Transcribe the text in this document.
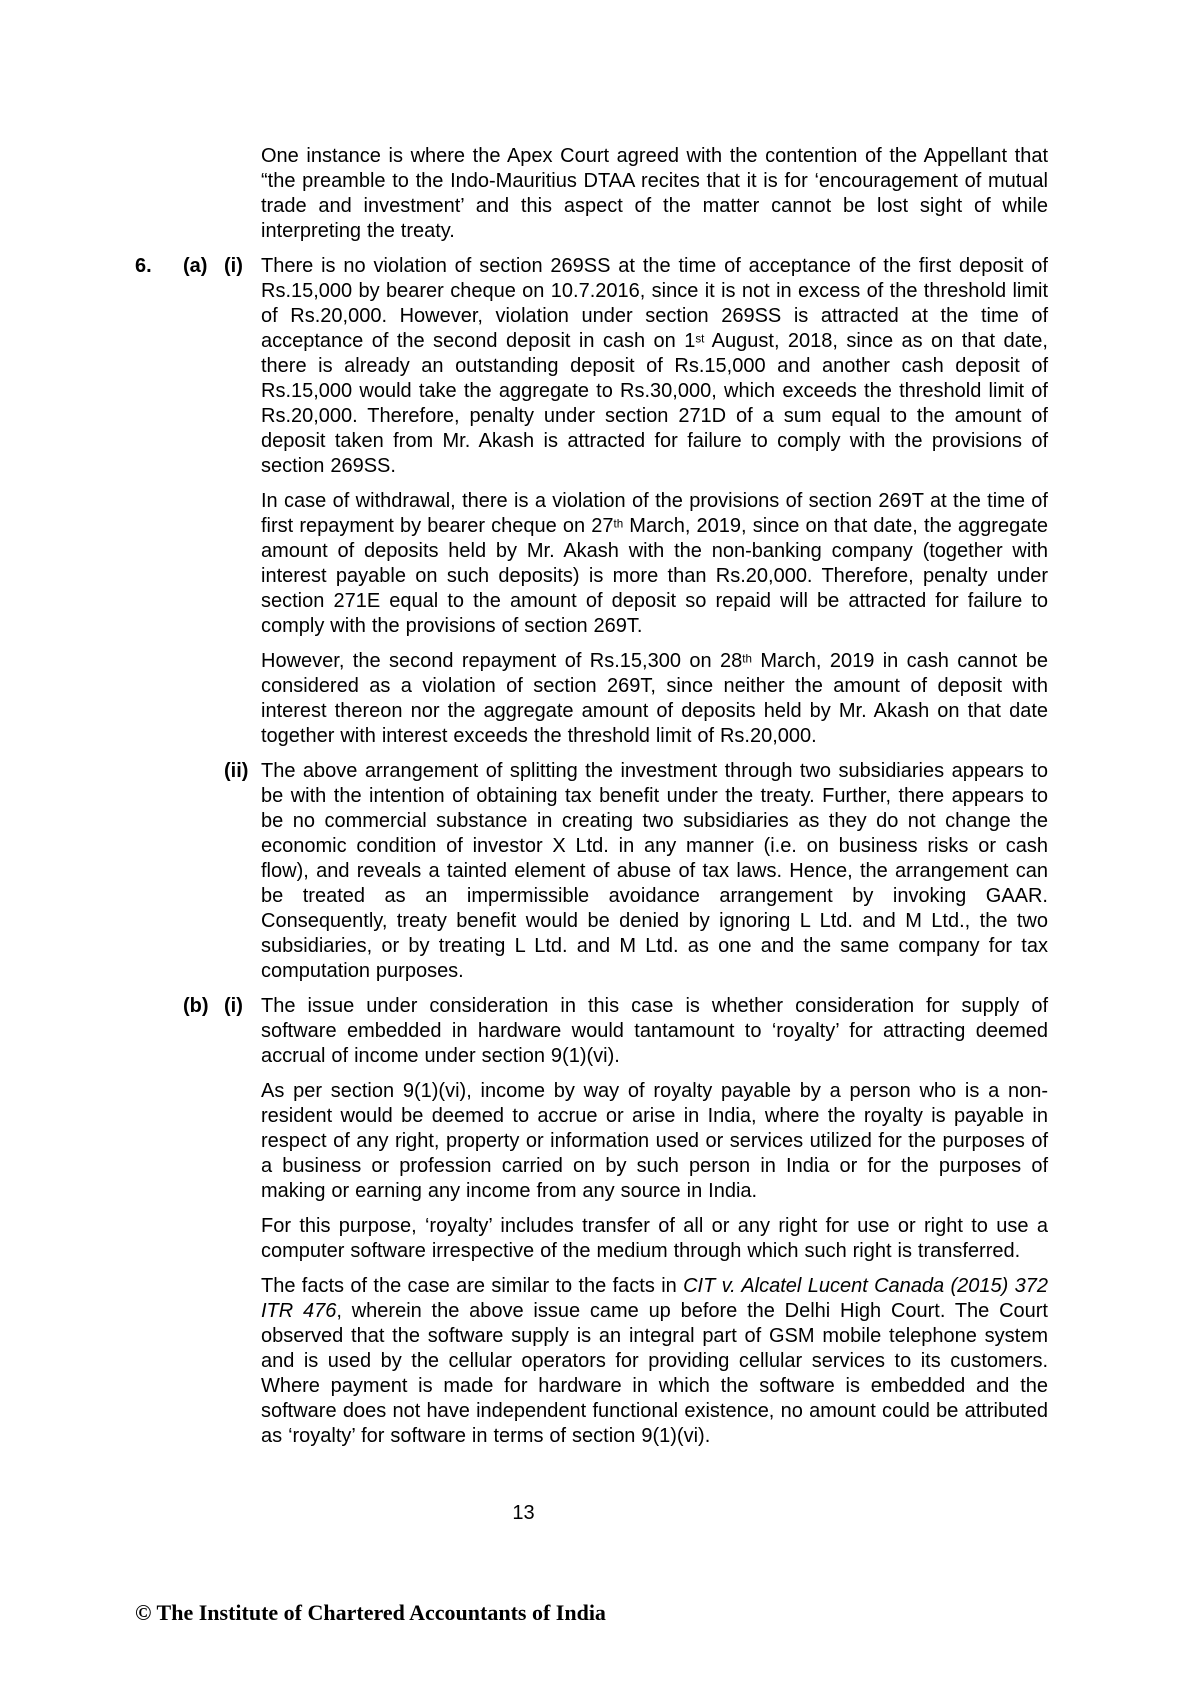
One instance is where the Apex Court agreed with the contention of the Appellant that “the preamble to the Indo-Mauritius DTAA recites that it is for ‘encouragement of mutual trade and investment’ and this aspect of the matter cannot be lost sight of while interpreting the treaty.

6.	(a) (i) There is no violation of section 269SS at the time of acceptance of the first deposit of Rs.15,000 by bearer cheque on 10.7.2016, since it is not in excess of the threshold limit of Rs.20,000. However, violation under section 269SS is attracted at the time of acceptance of the second deposit in cash on 1st August, 2018, since as on that date, there is already an outstanding deposit of Rs.15,000 and another cash deposit of Rs.15,000 would take the aggregate to Rs.30,000, which exceeds the threshold limit of Rs.20,000. Therefore, penalty under section 271D of a sum equal to the amount of deposit taken from Mr. Akash is attracted for failure to comply with the provisions of section 269SS.

In case of withdrawal, there is a violation of the provisions of section 269T at the time of first repayment by bearer cheque on 27th March, 2019, since on that date, the aggregate amount of deposits held by Mr. Akash with the non-banking company (together with interest payable on such deposits) is more than Rs.20,000. Therefore, penalty under section 271E equal to the amount of deposit so repaid will be attracted for failure to comply with the provisions of section 269T.

However, the second repayment of Rs.15,300 on 28th March, 2019 in cash cannot be considered as a violation of section 269T, since neither the amount of deposit with interest thereon nor the aggregate amount of deposits held by Mr. Akash on that date together with interest exceeds the threshold limit of Rs.20,000.

(ii) The above arrangement of splitting the investment through two subsidiaries appears to be with the intention of obtaining tax benefit under the treaty. Further, there appears to be no commercial substance in creating two subsidiaries as they do not change the economic condition of investor X Ltd. in any manner (i.e. on business risks or cash flow), and reveals a tainted element of abuse of tax laws. Hence, the arrangement can be treated as an impermissible avoidance arrangement by invoking GAAR. Consequently, treaty benefit would be denied by ignoring L Ltd. and M Ltd., the two subsidiaries, or by treating L Ltd. and M Ltd. as one and the same company for tax computation purposes.

(b) (i) The issue under consideration in this case is whether consideration for supply of software embedded in hardware would tantamount to ‘royalty’ for attracting deemed accrual of income under section 9(1)(vi).

As per section 9(1)(vi), income by way of royalty payable by a person who is a non-resident would be deemed to accrue or arise in India, where the royalty is payable in respect of any right, property or information used or services utilized for the purposes of a business or profession carried on by such person in India or for the purposes of making or earning any income from any source in India.

For this purpose, ‘royalty’ includes transfer of all or any right for use or right to use a computer software irrespective of the medium through which such right is transferred.

The facts of the case are similar to the facts in CIT v. Alcatel Lucent Canada (2015) 372 ITR 476, wherein the above issue came up before the Delhi High Court. The Court observed that the software supply is an integral part of GSM mobile telephone system and is used by the cellular operators for providing cellular services to its customers. Where payment is made for hardware in which the software is embedded and the software does not have independent functional existence, no amount could be attributed as ‘royalty’ for software in terms of section 9(1)(vi).

13
© The Institute of Chartered Accountants of India
